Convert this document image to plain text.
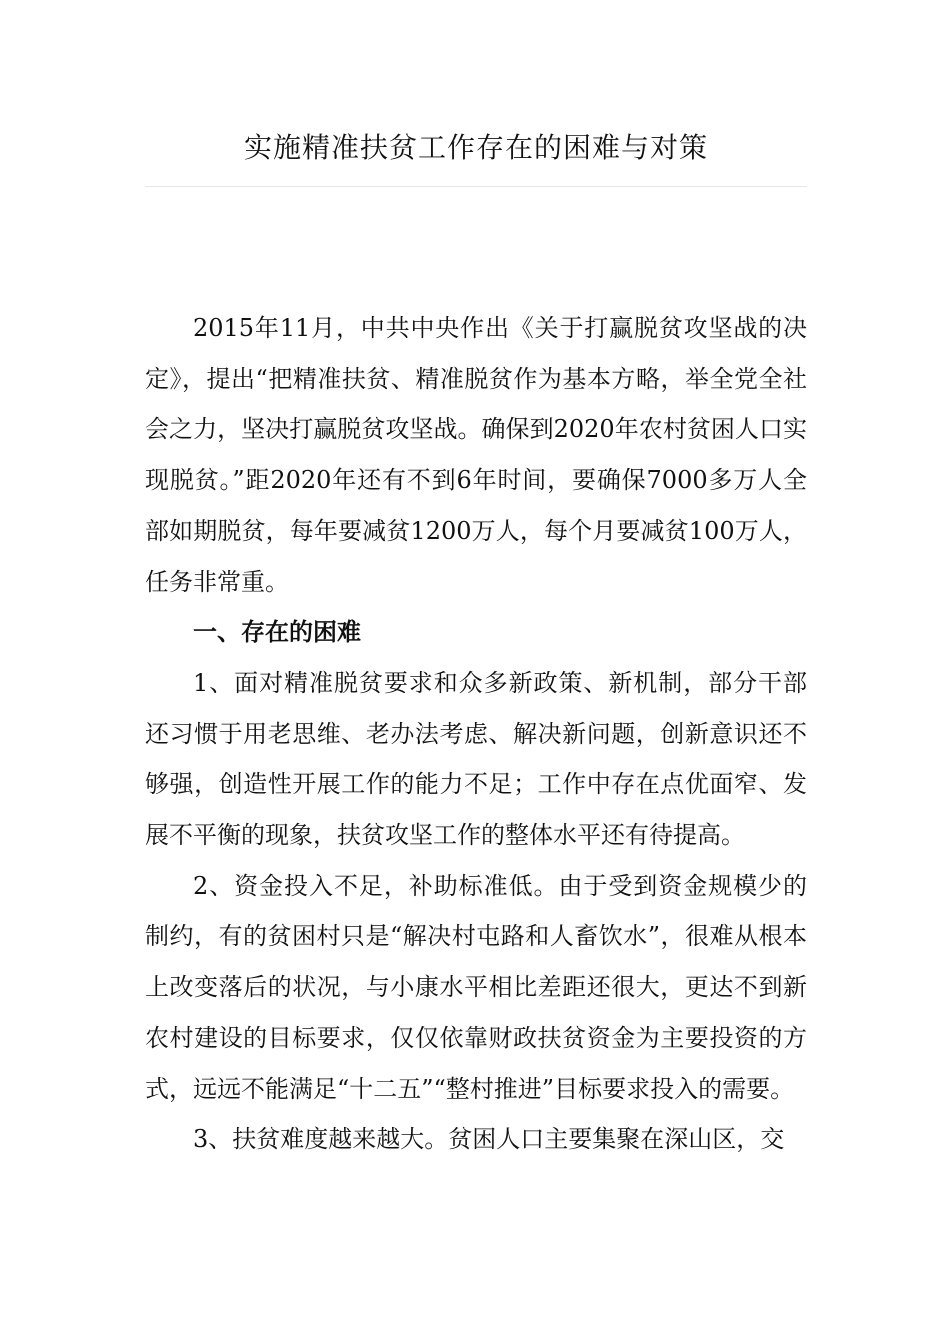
实施精准扶贫工作存在的困难与对策

2015年11月，中共中央作出《关于打赢脱贫攻坚战的决定》，提出“把精准扶贫、精准脱贫作为基本方略，举全党全社会之力，坚决打赢脱贫攻坚战。确保到2020年农村贫困人口实现脱贫。”距2020年还有不到6年时间，要确保7000多万人全部如期脱贫，每年要减贫1200万人，每个月要减贫100万人，任务非常重。

一、存在的困难

1、面对精准脱贫要求和众多新政策、新机制，部分干部还习惯于用老思维、老办法考虑、解决新问题，创新意识还不够强，创造性开展工作的能力不足；工作中存在点优面窄、发展不平衡的现象，扶贫攻坚工作的整体水平还有待提高。

2、资金投入不足，补助标准低。由于受到资金规模少的制约，有的贫困村只是“解决村屯路和人畜饮水”，很难从根本上改变落后的状况，与小康水平相比差距还很大，更达不到新农村建设的目标要求，仅仅依靠财政扶贫资金为主要投资的方式，远远不能满足“十二五”“整村推进”目标要求投入的需要。

3、扶贫难度越来越大。贫困人口主要集聚在深山区，交
